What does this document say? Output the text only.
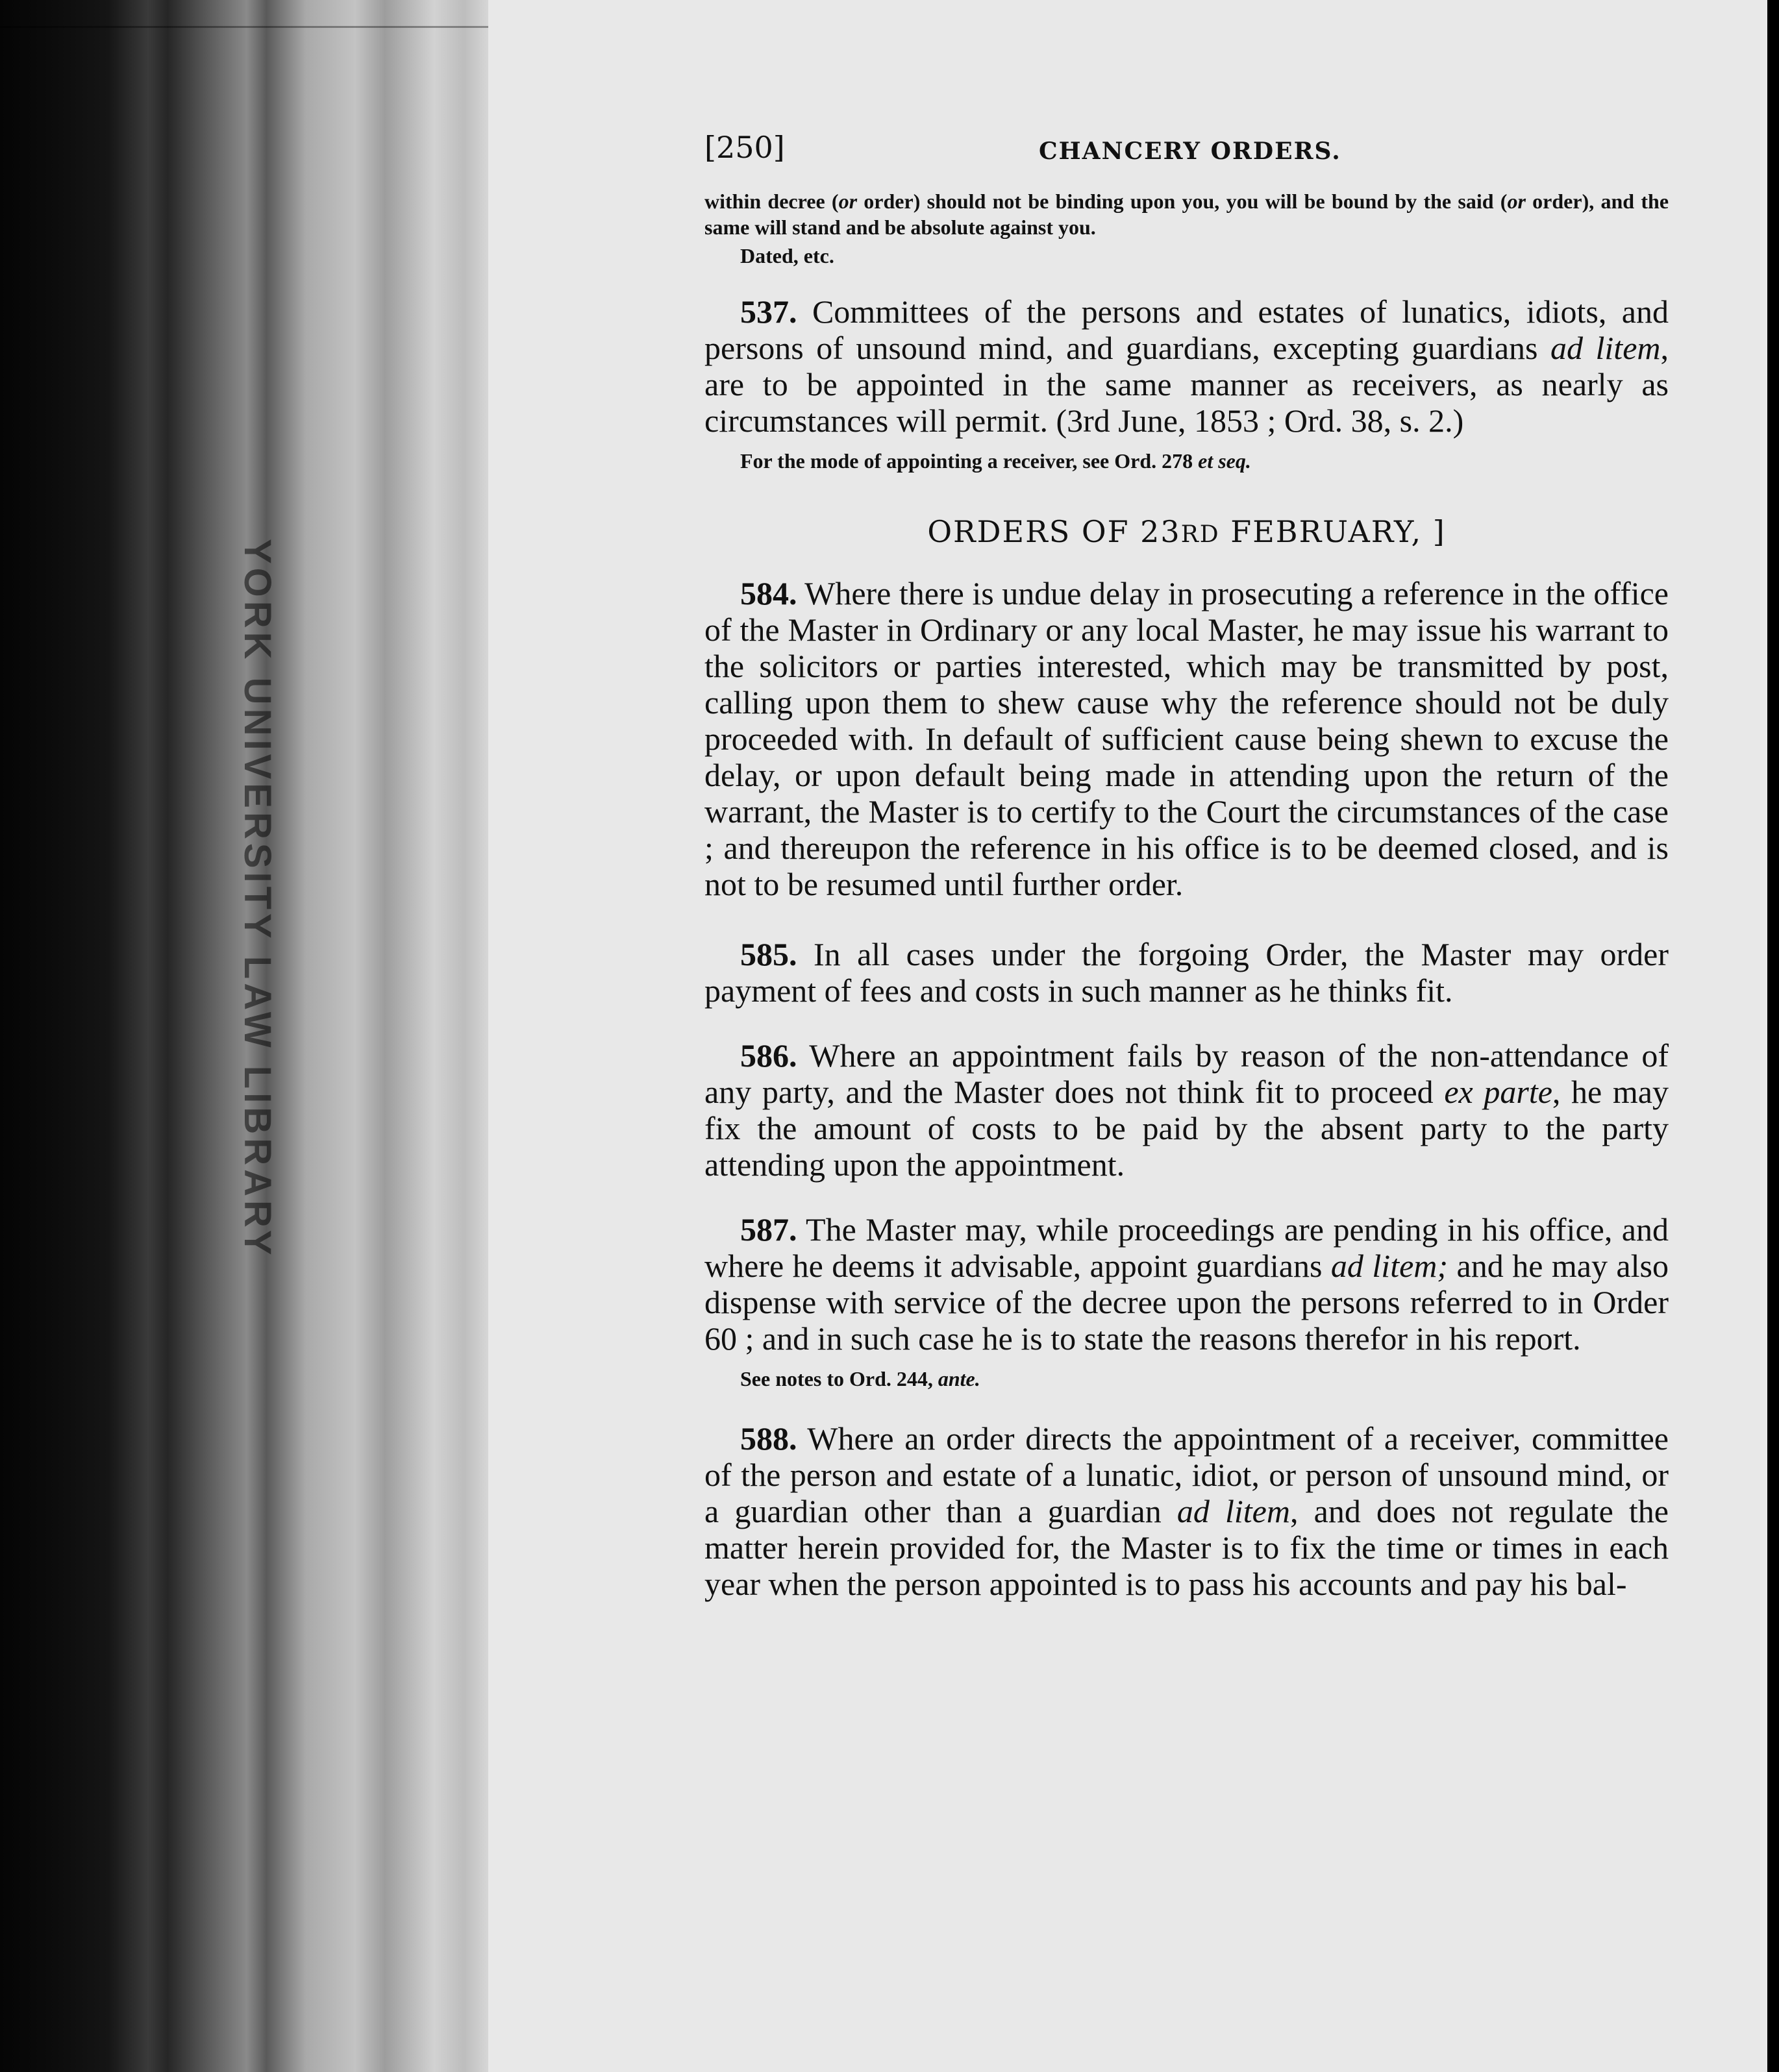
YORK UNIVERSITY LAW LIBRARY
[250]	CHANCERY ORDERS.
within decree (or order) should not be binding upon you, you will be bound by the said (or order), and the same will stand and be absolute against you.
Dated, etc.

537. Committees of the persons and estates of lunatics, idiots, and persons of unsound mind, and guardians, excepting guardians ad litem, are to be appointed in the same manner as receivers, as nearly as circumstances will permit. (3rd June, 1853 ; Ord. 38, s. 2.)

For the mode of appointing a receiver, see Ord. 278 et seq.

ORDERS OF 23RD FEBRUARY, ]

584. Where there is undue delay in prosecuting a reference in the office of the Master in Ordinary or any local Master, he may issue his warrant to the solicitors or parties interested, which may be transmitted by post, calling upon them to shew cause why the reference should not be duly proceeded with. In default of sufficient cause being shewn to excuse the delay, or upon default being made in attending upon the return of the warrant, the Master is to certify to the Court the circumstances of the case ; and thereupon the reference in his office is to be deemed closed, and is not to be resumed until further order.

585. In all cases under the forgoing Order, the Master may order payment of fees and costs in such manner as he thinks fit.

586. Where an appointment fails by reason of the non-attendance of any party, and the Master does not think fit to proceed ex parte, he may fix the amount of costs to be paid by the absent party to the party attending upon the appointment.

587. The Master may, while proceedings are pending in his office, and where he deems it advisable, appoint guardians ad litem; and he may also dispense with service of the decree upon the persons referred to in Order 60 ; and in such case he is to state the reasons therefor in his report.

See notes to Ord. 244, ante.

588. Where an order directs the appointment of a receiver, committee of the person and estate of a lunatic, idiot, or person of unsound mind, or a guardian other than a guardian ad litem, and does not regulate the matter herein provided for, the Master is to fix the time or times in each year when the person appointed is to pass his accounts and pay his bal-
